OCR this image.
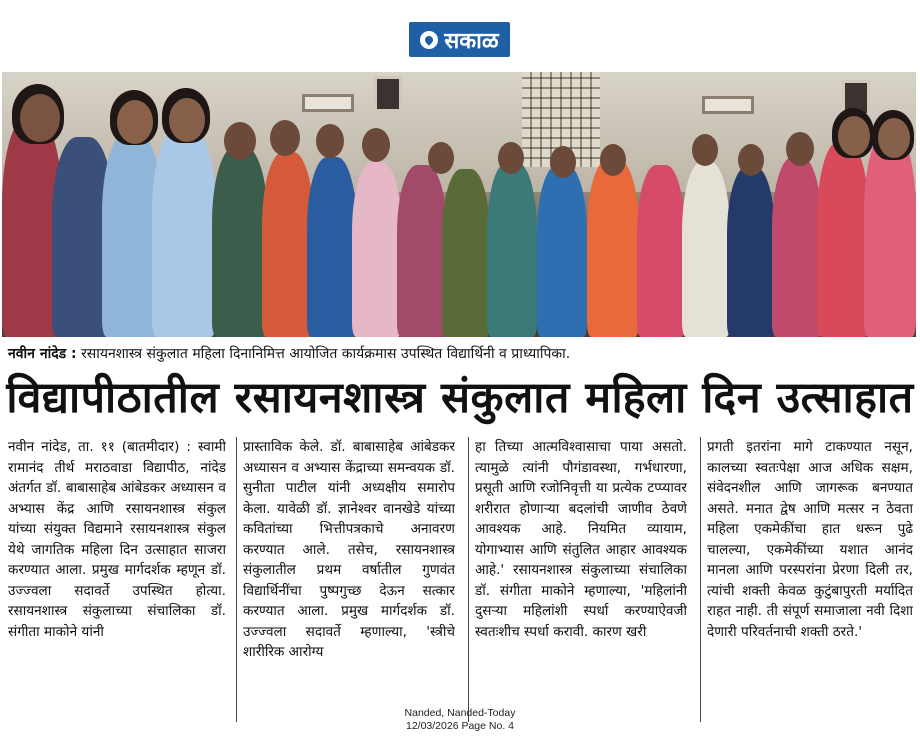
सकाळ
नवीन नांदेड : रसायनशास्त्र संकुलात महिला दिनानिमित्त आयोजित कार्यक्रमास उपस्थित विद्यार्थिनी व प्राध्यापिका.
विद्यापीठातील रसायनशास्त्र संकुलात महिला दिन उत्साहात
नवीन नांदेड, ता. ११ (बातमीदार) : स्वामी रामानंद तीर्थ मराठवाडा विद्यापीठ, नांदेड अंतर्गत डॉ. बाबासाहेब आंबेडकर अध्यासन व अभ्यास केंद्र आणि रसायनशास्त्र संकुल यांच्या संयुक्त विद्यमाने रसायनशास्त्र संकुल येथे जागतिक महिला दिन उत्साहात साजरा करण्यात आला. प्रमुख मार्गदर्शक म्हणून डॉ. उज्ज्वला सदावर्ते उपस्थित होत्या. रसायनशास्त्र संकुलाच्या संचालिका डॉ. संगीता माकोने यांनी
प्रास्ताविक केले. डॉ. बाबासाहेब आंबेडकर अध्यासन व अभ्यास केंद्राच्या समन्वयक डॉ. सुनीता पाटील यांनी अध्यक्षीय समारोप केला. यावेळी डॉ. ज्ञानेश्वर वानखेडे यांच्या कवितांच्या भित्तीपत्रकाचे अनावरण करण्यात आले. तसेच, रसायनशास्त्र संकुलातील प्रथम वर्षातील गुणवंत विद्यार्थिनींचा पुष्पगुच्छ देऊन सत्कार करण्यात आला. प्रमुख मार्गदर्शक डॉ. उज्ज्वला सदावर्ते म्हणाल्या, 'स्त्रीचे शारीरिक आरोग्य
हा तिच्या आत्मविश्वासाचा पाया असतो. त्यामुळे त्यांनी पौगंडावस्था, गर्भधारणा, प्रसूती आणि रजोनिवृत्ती या प्रत्येक टप्प्यावर शरीरात होणाऱ्या बदलांची जाणीव ठेवणे आवश्यक आहे. नियमित व्यायाम, योगाभ्यास आणि संतुलित आहार आवश्यक आहे.' रसायनशास्त्र संकुलाच्या संचालिका डॉ. संगीता माकोने म्हणाल्या, 'महिलांनी दुसऱ्या महिलांशी स्पर्धा करण्याऐवजी स्वतःशीच स्पर्धा करावी. कारण खरी
प्रगती इतरांना मागे टाकण्यात नसून, कालच्या स्वतःपेक्षा आज अधिक सक्षम, संवेदनशील आणि जागरूक बनण्यात असते. मनात द्वेष आणि मत्सर न ठेवता महिला एकमेकींचा हात धरून पुढे चालल्या, एकमेकींच्या यशात आनंद मानला आणि परस्परांना प्रेरणा दिली तर, त्यांची शक्ती केवळ कुटुंबापुरती मर्यादित राहत नाही. ती संपूर्ण समाजाला नवी दिशा देणारी परिवर्तनाची शक्ती ठरते.'
Nanded, Nanded-Today
12/03/2026 Page No. 4
